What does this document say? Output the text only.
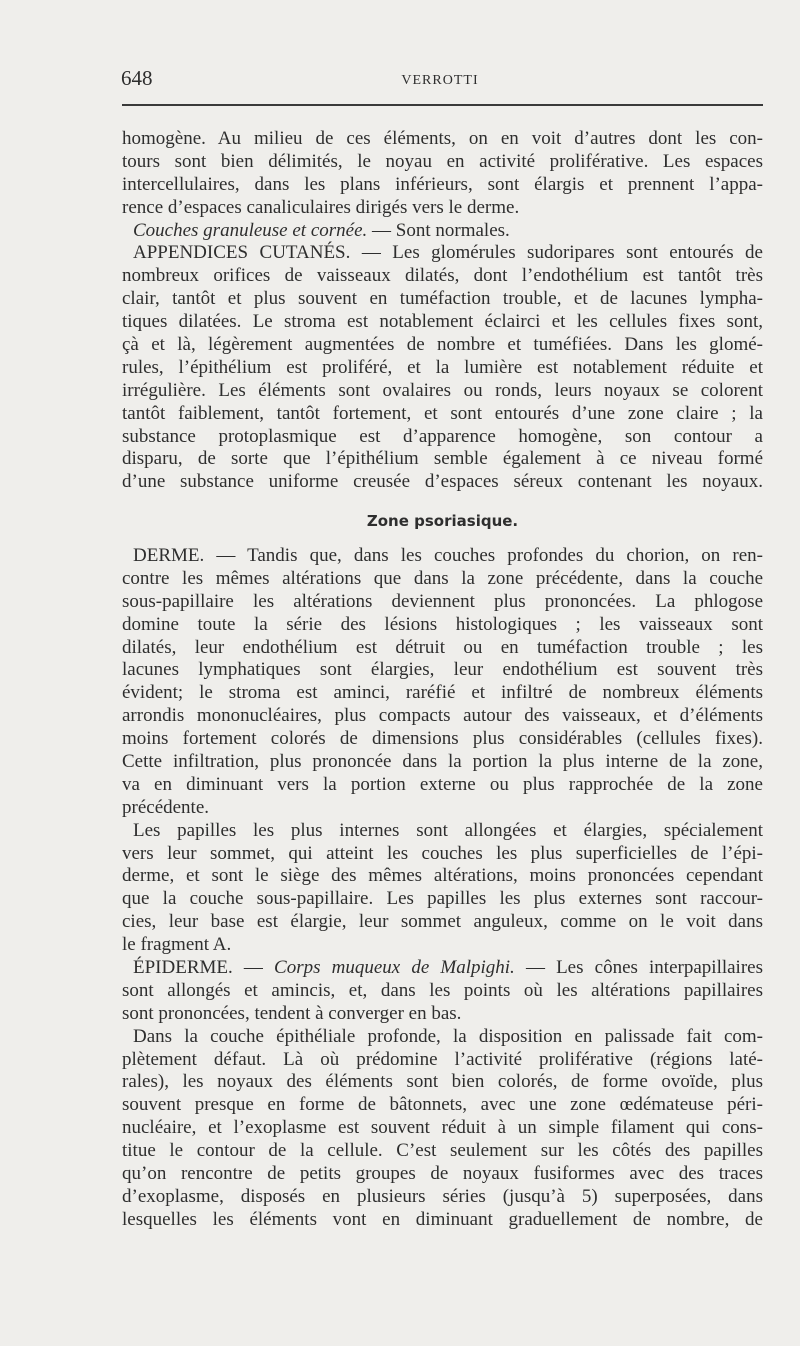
648	VERROTTI
homogène. Au milieu de ces éléments, on en voit d’autres dont les con-
tours sont bien délimités, le noyau en activité proliférative. Les espaces
intercellulaires, dans les plans inférieurs, sont élargis et prennent l’appa-
rence d’espaces canaliculaires dirigés vers le derme.
Couches granuleuse et cornée. — Sont normales.
APPENDICES CUTANÉS. — Les glomérules sudoripares sont entourés de
nombreux orifices de vaisseaux dilatés, dont l’endothélium est tantôt très
clair, tantôt et plus souvent en tuméfaction trouble, et de lacunes lympha-
tiques dilatées. Le stroma est notablement éclairci et les cellules fixes sont,
çà et là, légèrement augmentées de nombre et tuméfiées. Dans les glomé-
rules, l’épithélium est proliféré, et la lumière est notablement réduite et
irrégulière. Les éléments sont ovalaires ou ronds, leurs noyaux se colorent
tantôt faiblement, tantôt fortement, et sont entourés d’une zone claire ; la
substance protoplasmique est d’apparence homogène, son contour a
disparu, de sorte que l’épithélium semble également à ce niveau formé
d’une substance uniforme creusée d’espaces séreux contenant les noyaux.
Zone psoriasique.
DERME. — Tandis que, dans les couches profondes du chorion, on ren-
contre les mêmes altérations que dans la zone précédente, dans la couche
sous-papillaire les altérations deviennent plus prononcées. La phlogose
domine toute la série des lésions histologiques ; les vaisseaux sont
dilatés, leur endothélium est détruit ou en tuméfaction trouble ; les
lacunes lymphatiques sont élargies, leur endothélium est souvent très
évident; le stroma est aminci, raréfié et infiltré de nombreux éléments
arrondis mononucléaires, plus compacts autour des vaisseaux, et d’éléments
moins fortement colorés de dimensions plus considérables (cellules fixes).
Cette infiltration, plus prononcée dans la portion la plus interne de la zone,
va en diminuant vers la portion externe ou plus rapprochée de la zone
précédente.
Les papilles les plus internes sont allongées et élargies, spécialement
vers leur sommet, qui atteint les couches les plus superficielles de l’épi-
derme, et sont le siège des mêmes altérations, moins prononcées cependant
que la couche sous-papillaire. Les papilles les plus externes sont raccour-
cies, leur base est élargie, leur sommet anguleux, comme on le voit dans
le fragment A.
ÉPIDERME. — Corps muqueux de Malpighi. — Les cônes interpapillaires
sont allongés et amincis, et, dans les points où les altérations papillaires
sont prononcées, tendent à converger en bas.
Dans la couche épithéliale profonde, la disposition en palissade fait com-
plètement défaut. Là où prédomine l’activité proliférative (régions laté-
rales), les noyaux des éléments sont bien colorés, de forme ovoïde, plus
souvent presque en forme de bâtonnets, avec une zone œdémateuse péri-
nucléaire, et l’exoplasme est souvent réduit à un simple filament qui cons-
titue le contour de la cellule. C’est seulement sur les côtés des papilles
qu’on rencontre de petits groupes de noyaux fusiformes avec des traces
d’exoplasme, disposés en plusieurs séries (jusqu’à 5) superposées, dans
lesquelles les éléments vont en diminuant graduellement de nombre, de
